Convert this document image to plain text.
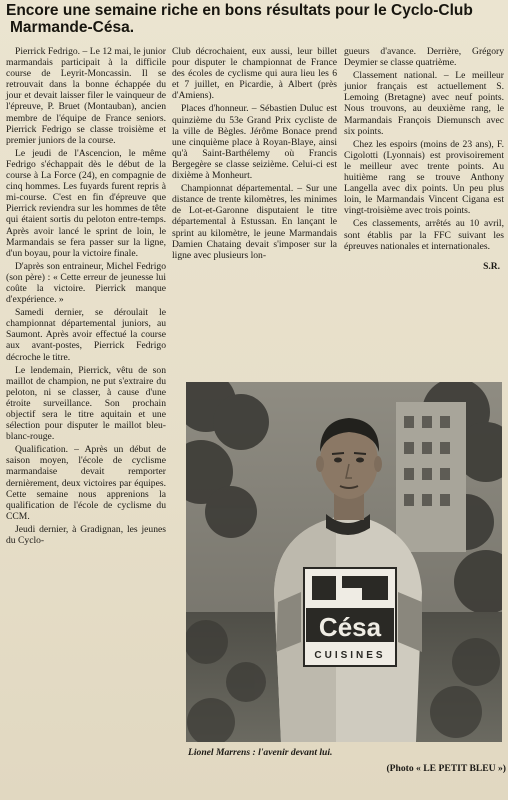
Encore une semaine riche en bons résultats pour le Cyclo-Club
Marmande-Césa.

Pierrick Fedrigo. – Le 12 mai, le junior marmandais participait à la difficile course de Leyrit-Moncassin. Il se retrouvait dans la bonne échappée du jour et devait laisser filer le vainqueur de l'épreuve, P. Bruet (Montauban), ancien membre de l'équipe de France seniors. Pierrick Fedrigo se classe troisième et premier juniors de la course.

Le jeudi de l'Ascencion, le même Fedrigo s'échappait dès le début de la course à La Force (24), en compagnie de cinq hommes. Les fuyards furent repris à mi-course. C'est en fin d'épreuve que Pierrick reviendra sur les hommes de tête qui étaient sortis du peloton entre-temps. Après avoir lancé le sprint de loin, le Marmandais se fera passer sur la ligne, d'un boyau, pour la victoire finale.

D'après son entraineur, Michel Fedrigo (son père) : « Cette erreur de jeunesse lui coûte la victoire. Pierrick manque d'expérience. »

Samedi dernier, se déroulait le championnat départemental juniors, au Saumont. Après avoir effectué la course aux avant-postes, Pierrick Fedrigo décroche le titre.

Le lendemain, Pierrick, vêtu de son maillot de champion, ne put s'extraire du peloton, ni se classer, à cause d'une étroite surveillance. Son prochain objectif sera le titre aquitain et une sélection pour disputer le maillot bleu-blanc-rouge.

Qualification. – Après un début de saison moyen, l'école de cyclisme marmandaise devait remporter dernièrement, deux victoires par équipes. Cette semaine nous apprenions la qualification de l'école de cyclisme du CCM.

Jeudi dernier, à Gradignan, les jeunes du Cyclo-

Club décrochaient, eux aussi, leur billet pour disputer le championnat de France des écoles de cyclisme qui aura lieu les 6 et 7 juillet, en Picardie, à Albert (près d'Amiens).

Places d'honneur. – Sébastien Duluc est quinzième du 53e Grand Prix cycliste de la ville de Bègles. Jérôme Bonace prend une cinquième place à Royan-Blaye, ainsi qu'à Saint-Barthélemy où Francis Bergegère se classe seizième. Celui-ci est dixième à Monheurt.

Championnat départemental. – Sur une distance de trente kilomètres, les minimes de Lot-et-Garonne disputaient le titre départemental à Estussan. En lançant le sprint au kilomètre, le jeune Marmandais Damien Chataing devait s'imposer sur la ligne avec plusieurs lon-

gueurs d'avance. Derrière, Grégory Deymier se classe quatrième.

Classement national. – Le meilleur junior français est actuellement S. Lemoing (Bretagne) avec neuf points. Nous trouvons, au deuxième rang, le Marmandais François Diemunsch avec six points.

Chez les espoirs (moins de 23 ans), F. Cigolotti (Lyonnais) est provisoirement le meilleur avec trente points. Au huitième rang se trouve Anthony Langella avec dix points. Un peu plus loin, le Marmandais Vincent Cigana est vingt-troisième avec trois points.

Ces classements, arrêtés au 10 avril, sont établis par la FFC suivant les épreuves nationales et internationales.

S.R.
Césa
CUISINES
Lionel Marrens : l'avenir devant lui.
(Photo « LE PETIT BLEU »)
